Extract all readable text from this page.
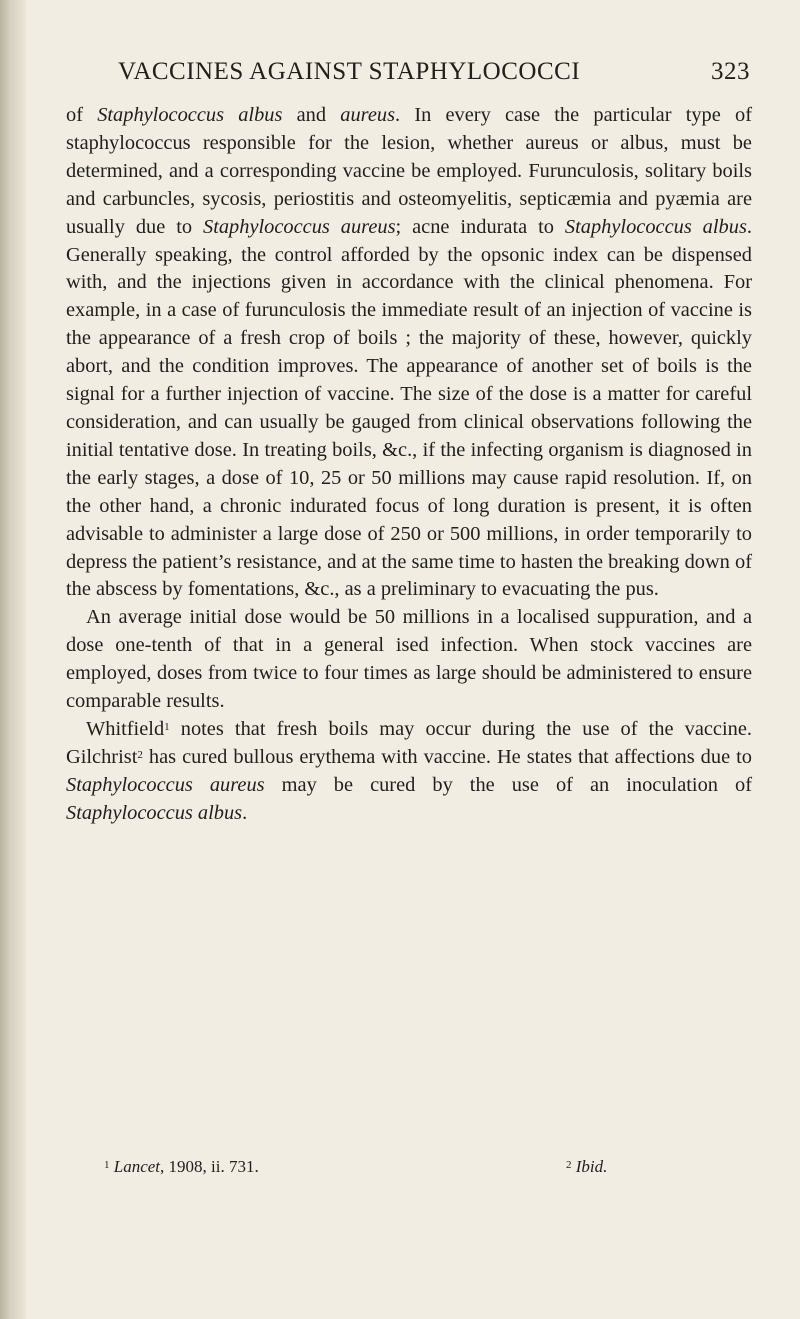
VACCINES AGAINST STAPHYLOCOCCI	323

of Staphylococcus albus and aureus. In every case the particular type of staphylococcus responsible for the lesion, whether aureus or albus, must be determined, and a corresponding vaccine be employed. Furunculosis, solitary boils and carbuncles, sycosis, periostitis and osteomyelitis, septicæmia and pyæmia are usually due to Staphylococcus aureus; acne indurata to Staphylococcus albus. Generally speaking, the control afforded by the opsonic index can be dispensed with, and the injections given in accordance with the clinical phenomena. For example, in a case of furunculosis the immediate result of an injection of vaccine is the appearance of a fresh crop of boils ; the majority of these, however, quickly abort, and the condition improves. The appearance of another set of boils is the signal for a further injection of vaccine. The size of the dose is a matter for careful consideration, and can usually be gauged from clinical observations following the initial tentative dose. In treating boils, &c., if the infecting organism is diagnosed in the early stages, a dose of 10, 25 or 50 millions may cause rapid resolution. If, on the other hand, a chronic indurated focus of long duration is present, it is often advisable to administer a large dose of 250 or 500 millions, in order temporarily to depress the patient’s resistance, and at the same time to hasten the breaking down of the abscess by fomentations, &c., as a preliminary to evacuating the pus.

An average initial dose would be 50 millions in a localised suppuration, and a dose one-tenth of that in a general ised infection. When stock vaccines are employed, doses from twice to four times as large should be administered to ensure comparable results.

Whitfield$^1$ notes that fresh boils may occur during the use of the vaccine. Gilchrist$^2$ has cured bullous erythema with vaccine. He states that affections due to Staphylococcus aureus may be cured by the use of an inoculation of Staphylococcus albus.

$^1$ Lancet, 1908, ii. 731.	$^2$ Ibid.
